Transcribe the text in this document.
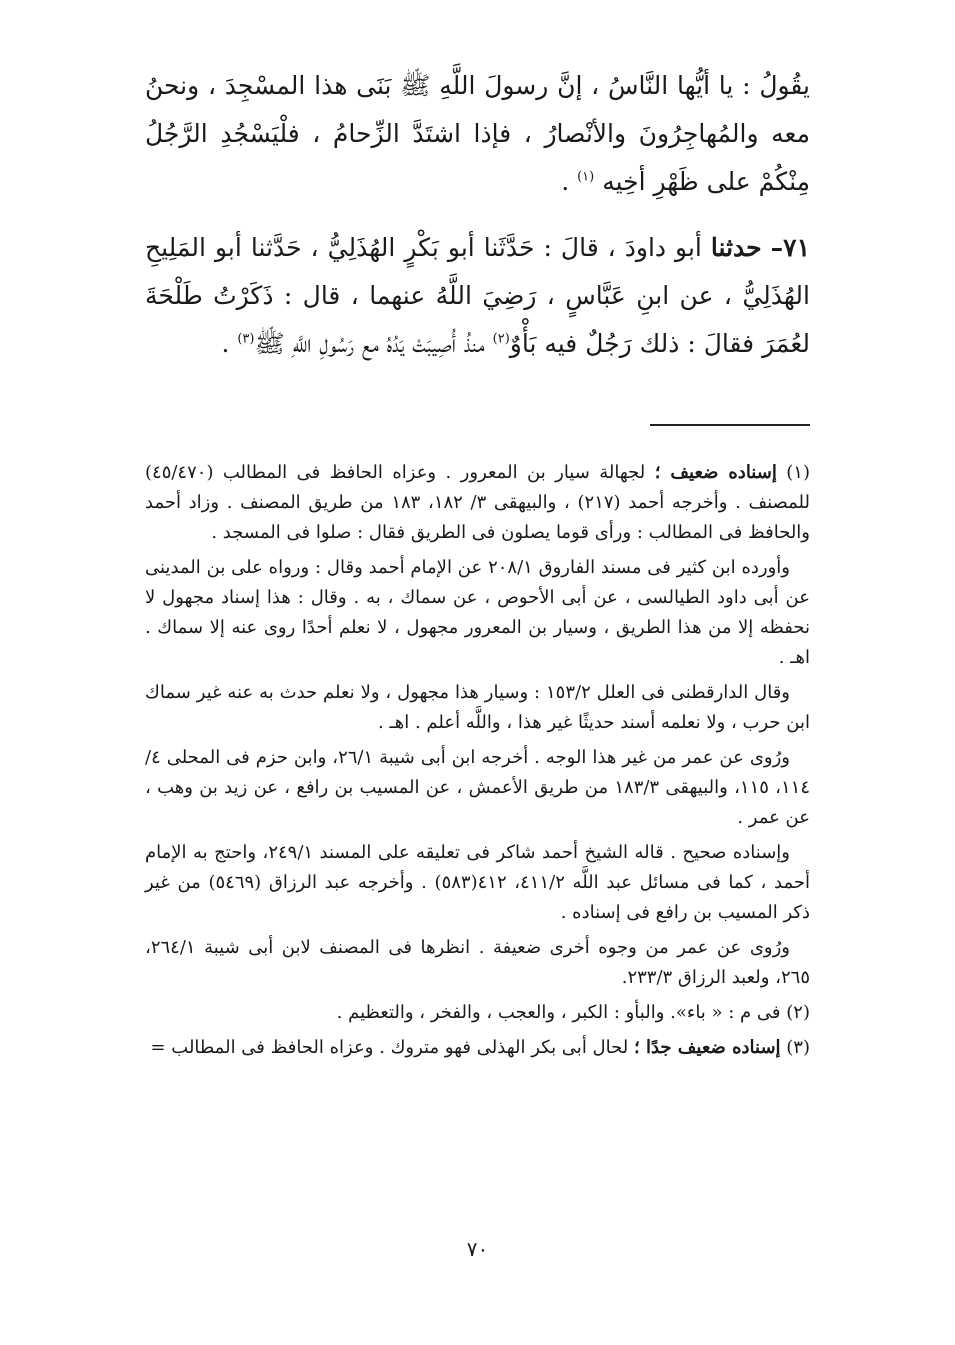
يقُولُ : يا أيُّها النَّاسُ ، إنَّ رسولَ اللَّهِ ﷺ بَنَى هذا المسْجِدَ ، ونحنُ معه والمُهاجِرُونَ والأنْصارُ ، فإذا اشتَدَّ الزِّحامُ ، فلْيَسْجُدِ الرَّجُلُ مِنْكُمْ على ظَهْرِ أخِيه $^{(١)}$ .

٧١– حدثنا أبو داودَ ، قالَ : حَدَّثَنا أبو بَكْرٍ الهُذَلِيُّ ، حَدَّثنا أبو المَلِيحِ الهُذَلِيُّ ، عن ابنِ عَبَّاسٍ ، رَضِيَ اللَّهُ عنهما ، قال : ذَكَرْتُ طَلْحَةَ لعُمَرَ فقالَ : ذلك رَجُلٌ فيه بَأْوٌ$^{(٢)}$ منذُ أُصِيبَتْ يَدُهُ مع رَسُولِ اللَّهِ ﷺ$^{(٣)}$ .

(١) إسناده ضعيف ؛ لجهالة سيار بن المعرور . وعزاه الحافظ فى المطالب (٤٥/٤٧٠) للمصنف . وأخرجه أحمد (٢١٧) ، والبيهقى ٣/ ١٨٢، ١٨٣ من طريق المصنف . وزاد أحمد والحافظ فى المطالب : ورأى قوما يصلون فى الطريق فقال : صلوا فى المسجد .

وأورده ابن كثير فى مسند الفاروق ٢٠٨/١ عن الإمام أحمد وقال : ورواه على بن المدينى عن أبى داود الطيالسى ، عن أبى الأحوص ، عن سماك ، به . وقال : هذا إسناد مجهول لا نحفظه إلا من هذا الطريق ، وسيار بن المعرور مجهول ، لا نعلم أحدًا روى عنه إلا سماك . اهـ .

وقال الدارقطنى فى العلل ١٥٣/٢ : وسيار هذا مجهول ، ولا نعلم حدث به عنه غير سماك ابن حرب ، ولا نعلمه أسند حديثًا غير هذا ، واللَّه أعلم . اهـ .

ورُوى عن عمر من غير هذا الوجه . أخرجه ابن أبى شيبة ٢٦/١، وابن حزم فى المحلى ٤/ ١١٤، ١١٥، والبيهقى ١٨٣/٣ من طريق الأعمش ، عن المسيب بن رافع ، عن زيد بن وهب ، عن عمر .

وإسناده صحيح . قاله الشيخ أحمد شاكر فى تعليقه على المسند ٢٤٩/١، واحتج به الإمام أحمد ، كما فى مسائل عبد اللَّه ٤١١/٢، ٤١٢(٥٨٣) . وأخرجه عبد الرزاق (٥٤٦٩) من غير ذكر المسيب بن رافع فى إسناده .

ورُوى عن عمر من وجوه أخرى ضعيفة . انظرها فى المصنف لابن أبى شيبة ٢٦٤/١، ٢٦٥، ولعبد الرزاق ٢٣٣/٣.

(٢) فى م : « باء». والبأو : الكبر ، والعجب ، والفخر ، والتعظيم .

(٣) إسناده ضعيف جدًا ؛ لحال أبى بكر الهذلى فهو متروك . وعزاه الحافظ فى المطالب =

٧٠
